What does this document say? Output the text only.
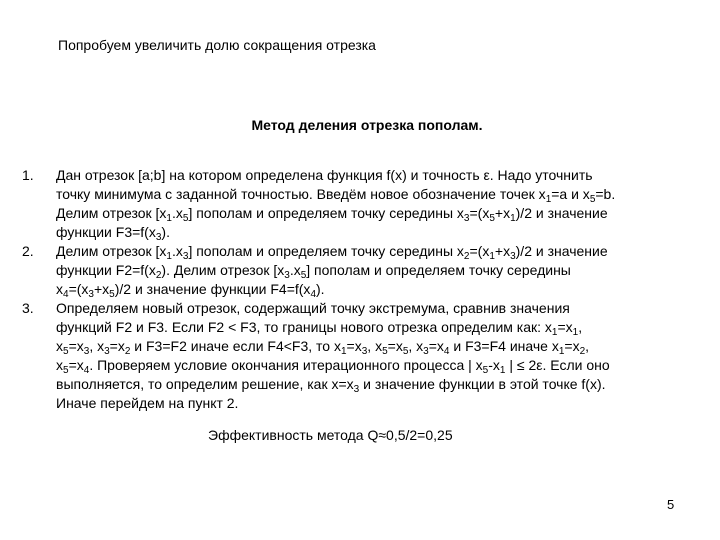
Попробуем увеличить долю сокращения отрезка
Метод деления отрезка пополам.
1.	Дан отрезок [a;b] на котором определена функция f(x) и точность ε. Надо уточнить
точку минимума с заданной точностью. Введём новое обозначение точек $x_1=a$ и $x_5=b$.
Делим отрезок $[x_1.x_5]$ пополам и определяем точку середины $x_3=(x_5+x_1)/2$ и значение
функции $F3=f(x_3)$.
2.	Делим отрезок $[x_1.x_3]$ пополам и определяем точку середины $x_2=(x_1+x_3)/2$ и значение
функции $F2=f(x_2)$. Делим отрезок $[x_3.x_5]$ пополам и определяем точку середины
$x_4=(x_3+x_5)/2$ и значение функции $F4=f(x_4)$.
3.	Определяем новый отрезок, содержащий точку экстремума, сравнив значения
функций F2 и F3. Если F2 < F3, то границы нового отрезка определим как: $x_1=x_1$,
$x_5=x_3$, $x_3=x_2$ и F3=F2 иначе если F4<F3, то $x_1=x_3$, $x_5=x_5$, $x_3=x_4$ и F3=F4 иначе $x_1=x_2$,
$x_5=x_4$. Проверяем условие окончания итерационного процесса | $x_5-x_1$ | ≤ 2ε. Если оно
выполняется, то определим решение, как $x=x_3$ и значение функции в этой точке f(x).
Иначе перейдем на пункт 2.
Эффективность метода Q≈0,5/2=0,25
5
